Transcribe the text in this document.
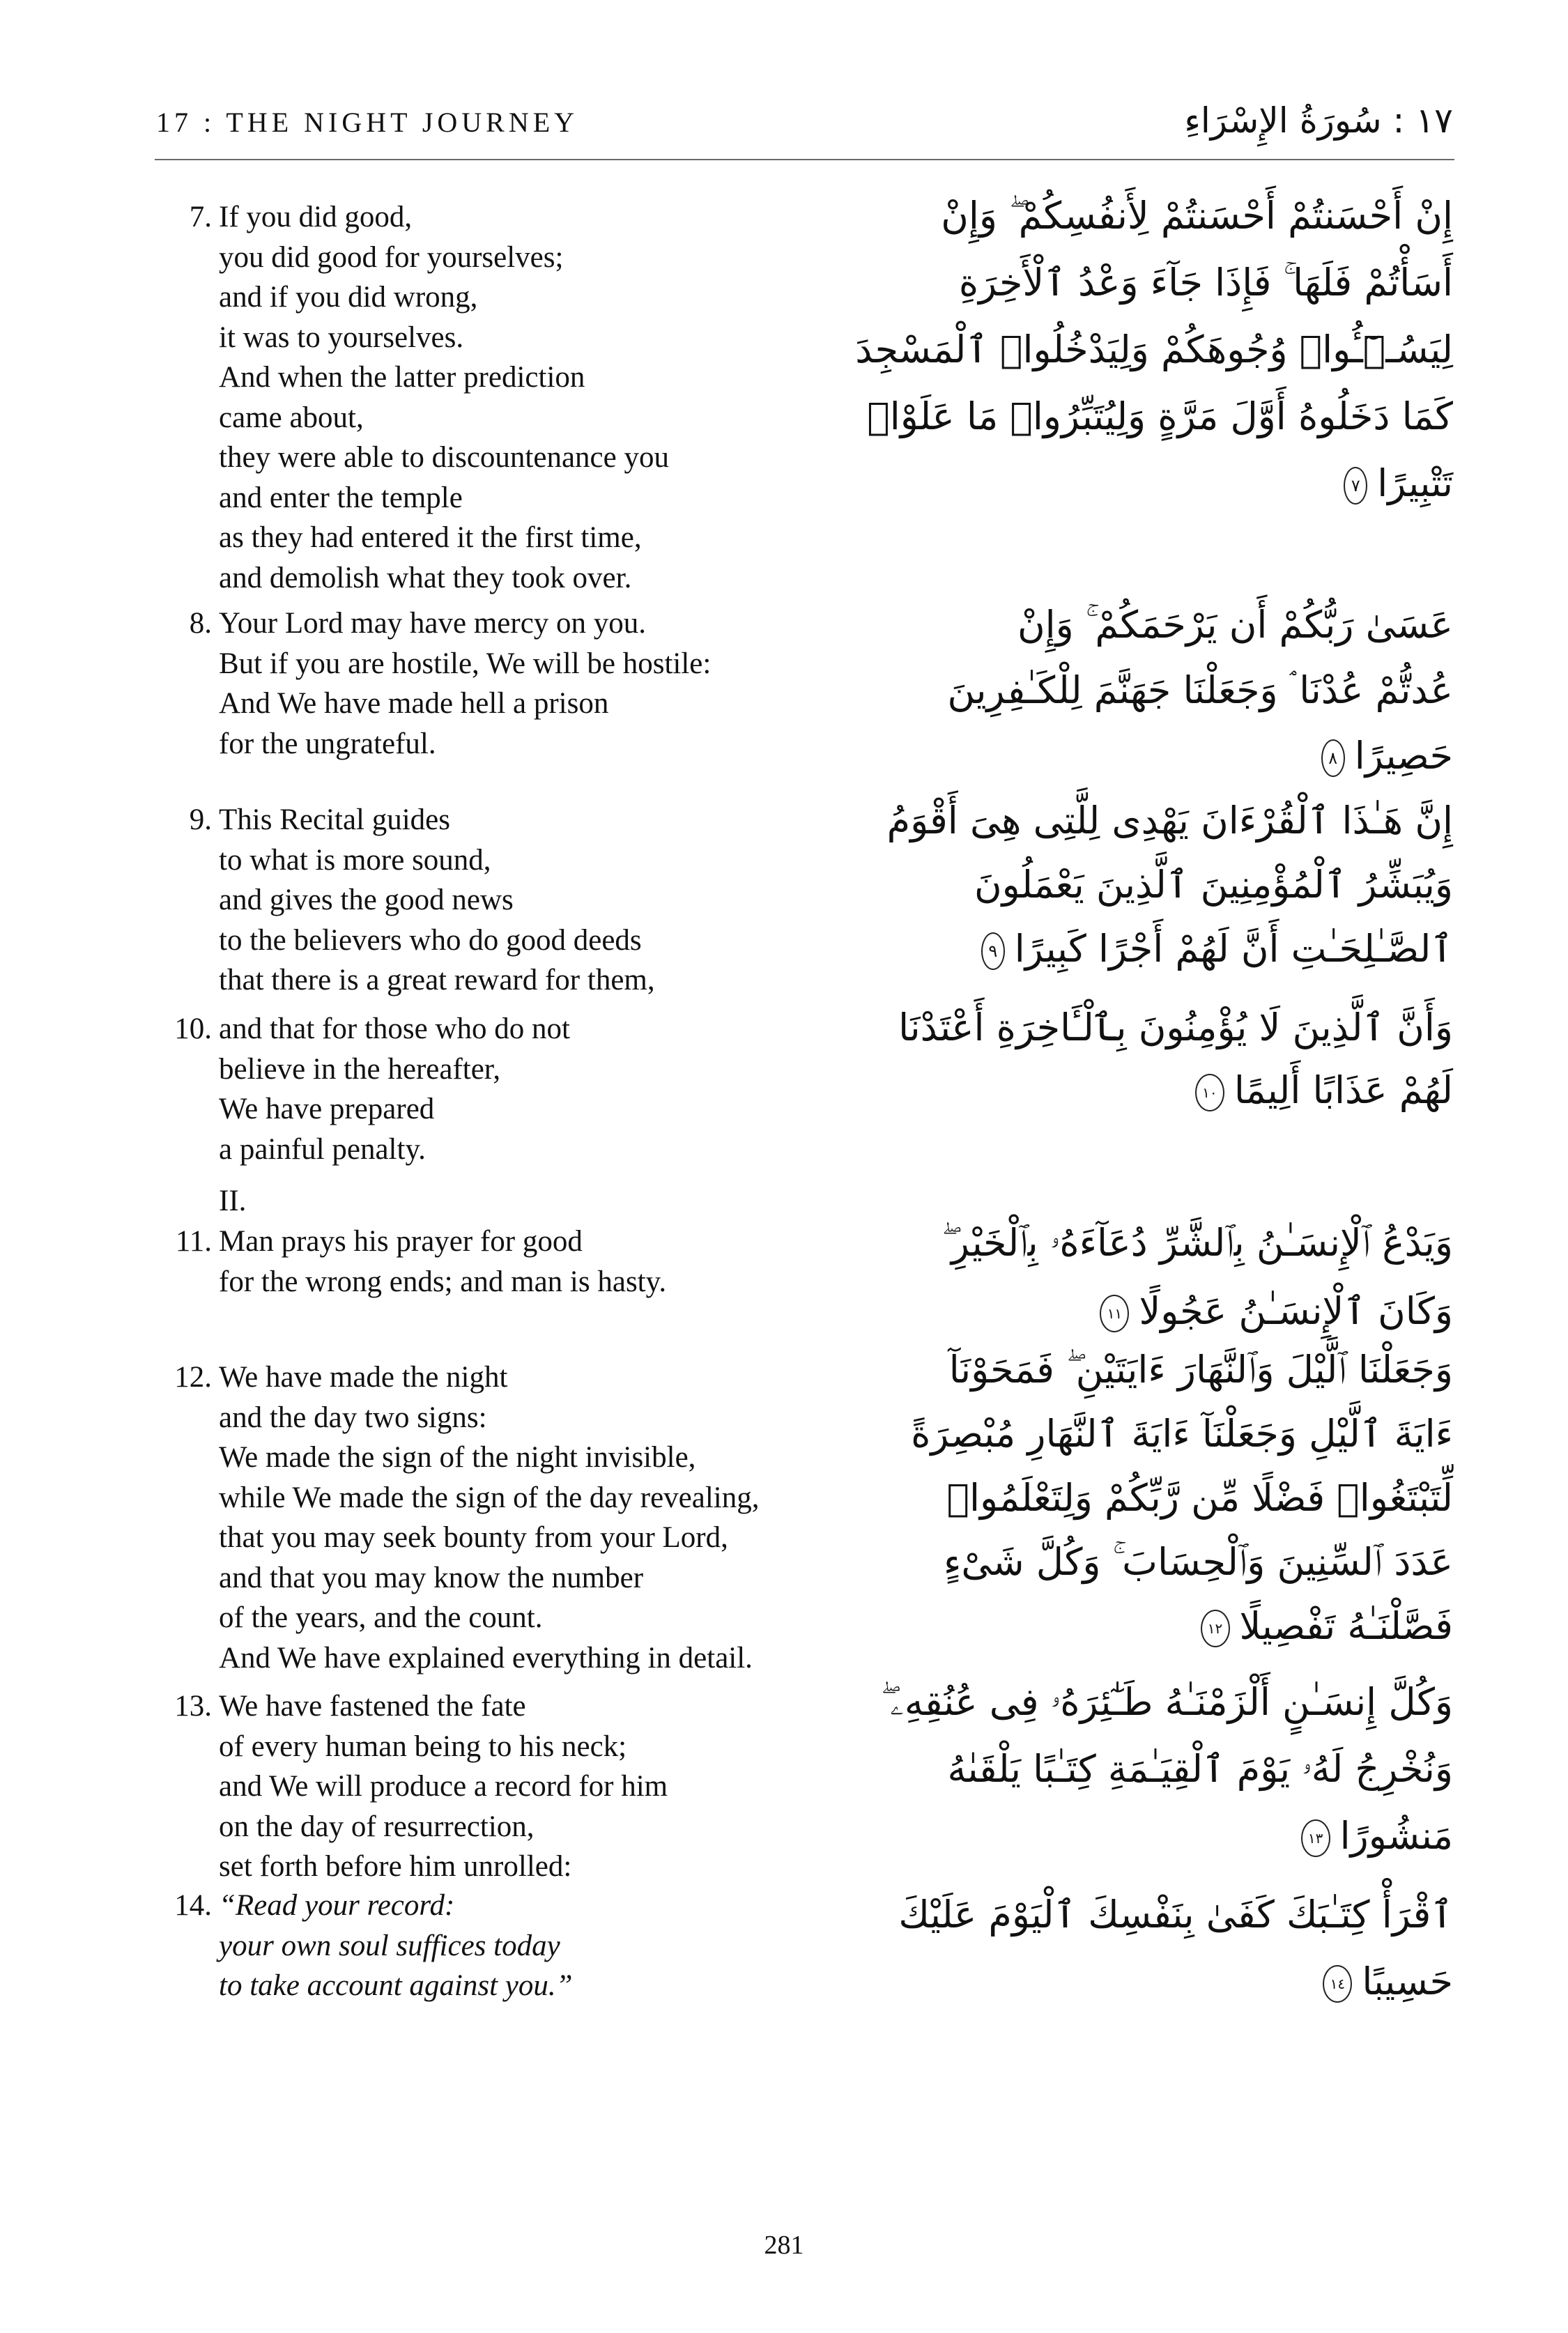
17 : THE NIGHT JOURNEY	١٧ : سُورَةُ الإِسْرَاءِ
7. If you did good,
you did good for yourselves;
and if you did wrong,
it was to yourselves.
And when the latter prediction
came about,
they were able to discountenance you
and enter the temple
as they had entered it the first time,
and demolish what they took over.
إِنْ أَحْسَنتُمْ أَحْسَنتُمْ لِأَنفُسِكُمْ ۖ وَإِنْ
أَسَأْتُمْ فَلَهَا ۚ فَإِذَا جَآءَ وَعْدُ ٱلْأَخِرَةِ
لِيَسُـۥٓـُٔوا۟ وُجُوهَكُمْ وَلِيَدْخُلُوا۟ ٱلْمَسْجِدَ
كَمَا دَخَلُوهُ أَوَّلَ مَرَّةٍ وَلِيُتَبِّرُوا۟ مَا عَلَوْا۟
تَتْبِيرًا٧
8. Your Lord may have mercy on you.
But if you are hostile, We will be hostile:
And We have made hell a prison
for the ungrateful.
عَسَىٰ رَبُّكُمْ أَن يَرْحَمَكُمْ ۚ وَإِنْ
عُدتُّمْ عُدْنَا ۘ وَجَعَلْنَا جَهَنَّمَ لِلْكَـٰفِرِينَ
حَصِيرًا٨
9. This Recital guides
to what is more sound,
and gives the good news
to the believers who do good deeds
that there is a great reward for them,
إِنَّ هَـٰذَا ٱلْقُرْءَانَ يَهْدِى لِلَّتِى هِىَ أَقْوَمُ
وَيُبَشِّرُ ٱلْمُؤْمِنِينَ ٱلَّذِينَ يَعْمَلُونَ
ٱلصَّـٰلِحَـٰتِ أَنَّ لَهُمْ أَجْرًا كَبِيرًا٩
10. and that for those who do not
believe in the hereafter,
We have prepared
a painful penalty.
وَأَنَّ ٱلَّذِينَ لَا يُؤْمِنُونَ بِٱلْـَٔاخِرَةِ أَعْتَدْنَا
لَهُمْ عَذَابًا أَلِيمًا١٠
II.
11. Man prays his prayer for good
for the wrong ends; and man is hasty.
وَيَدْعُ ٱلْإِنسَـٰنُ بِٱلشَّرِّ دُعَآءَهُۥ بِٱلْخَيْرِ ۖ
وَكَانَ ٱلْإِنسَـٰنُ عَجُولًا١١
12. We have made the night
and the day two signs:
We made the sign of the night invisible,
while We made the sign of the day revealing,
that you may seek bounty from your Lord,
and that you may know the number
of the years, and the count.
And We have explained everything in detail.
وَجَعَلْنَا ٱلَّيْلَ وَٱلنَّهَارَ ءَايَتَيْنِ ۖ فَمَحَوْنَآ
ءَايَةَ ٱلَّيْلِ وَجَعَلْنَآ ءَايَةَ ٱلنَّهَارِ مُبْصِرَةً
لِّتَبْتَغُوا۟ فَضْلًا مِّن رَّبِّكُمْ وَلِتَعْلَمُوا۟
عَدَدَ ٱلسِّنِينَ وَٱلْحِسَابَ ۚ وَكُلَّ شَىْءٍ
فَصَّلْنَـٰهُ تَفْصِيلًا١٢
13. We have fastened the fate
of every human being to his neck;
and We will produce a record for him
on the day of resurrection,
set forth before him unrolled:
وَكُلَّ إِنسَـٰنٍ أَلْزَمْنَـٰهُ طَـٰٓئِرَهُۥ فِى عُنُقِهِۦ ۖ
وَنُخْرِجُ لَهُۥ يَوْمَ ٱلْقِيَـٰمَةِ كِتَـٰبًا يَلْقَىٰهُ
مَنشُورًا١٣
14. “Read your record:
your own soul suffices today
to take account against you.”
ٱقْرَأْ كِتَـٰبَكَ كَفَىٰ بِنَفْسِكَ ٱلْيَوْمَ عَلَيْكَ
حَسِيبًا١٤
281
